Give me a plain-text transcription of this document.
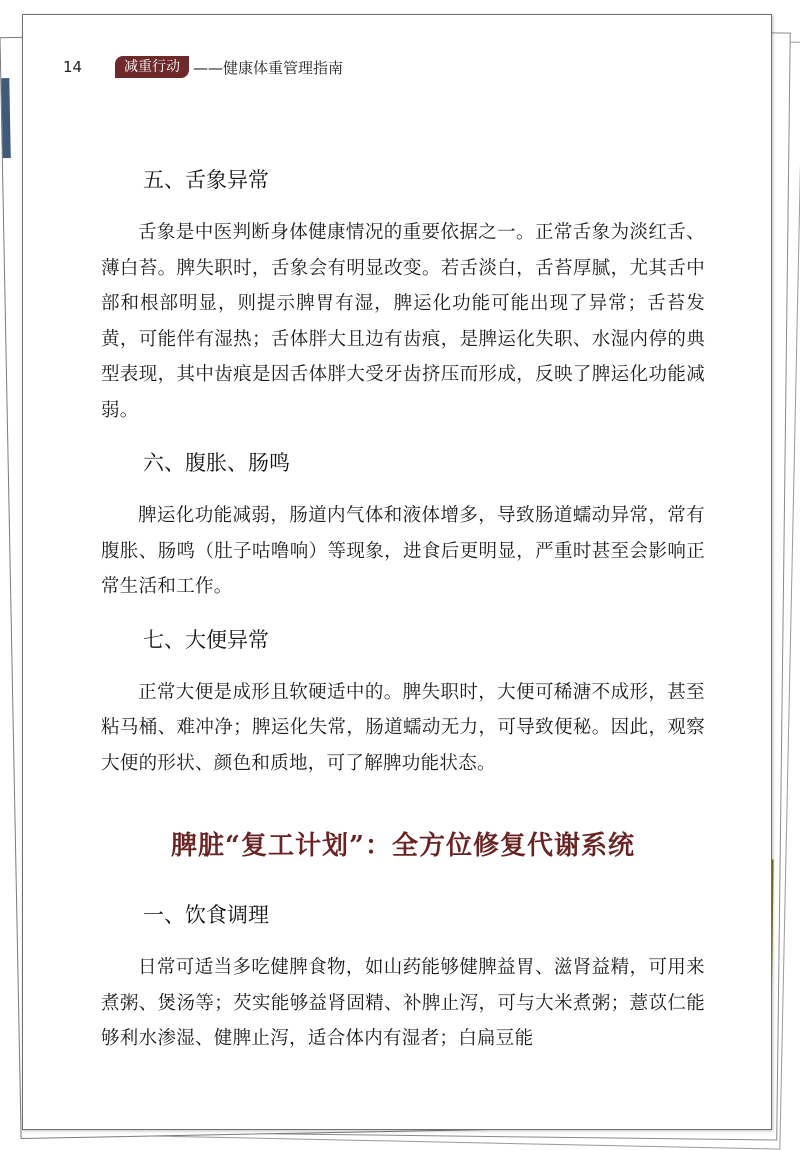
14	减重行动 ——健康体重管理指南
五、舌象异常

舌象是中医判断身体健康情况的重要依据之一。正常舌象为淡红舌、薄白苔。脾失职时，舌象会有明显改变。若舌淡白，舌苔厚腻，尤其舌中部和根部明显，则提示脾胃有湿，脾运化功能可能出现了异常；舌苔发黄，可能伴有湿热；舌体胖大且边有齿痕，是脾运化失职、水湿内停的典型表现，其中齿痕是因舌体胖大受牙齿挤压而形成，反映了脾运化功能减弱。

六、腹胀、肠鸣

脾运化功能减弱，肠道内气体和液体增多，导致肠道蠕动异常，常有腹胀、肠鸣（肚子咕噜响）等现象，进食后更明显，严重时甚至会影响正常生活和工作。

七、大便异常

正常大便是成形且软硬适中的。脾失职时，大便可稀溏不成形，甚至粘马桶、难冲净；脾运化失常，肠道蠕动无力，可导致便秘。因此，观察大便的形状、颜色和质地，可了解脾功能状态。

脾脏“复工计划”：全方位修复代谢系统
一、饮食调理

日常可适当多吃健脾食物，如山药能够健脾益胃、滋肾益精，可用来煮粥、煲汤等；芡实能够益肾固精、补脾止泻，可与大米煮粥；薏苡仁能够利水渗湿、健脾止泻，适合体内有湿者；白扁豆能
